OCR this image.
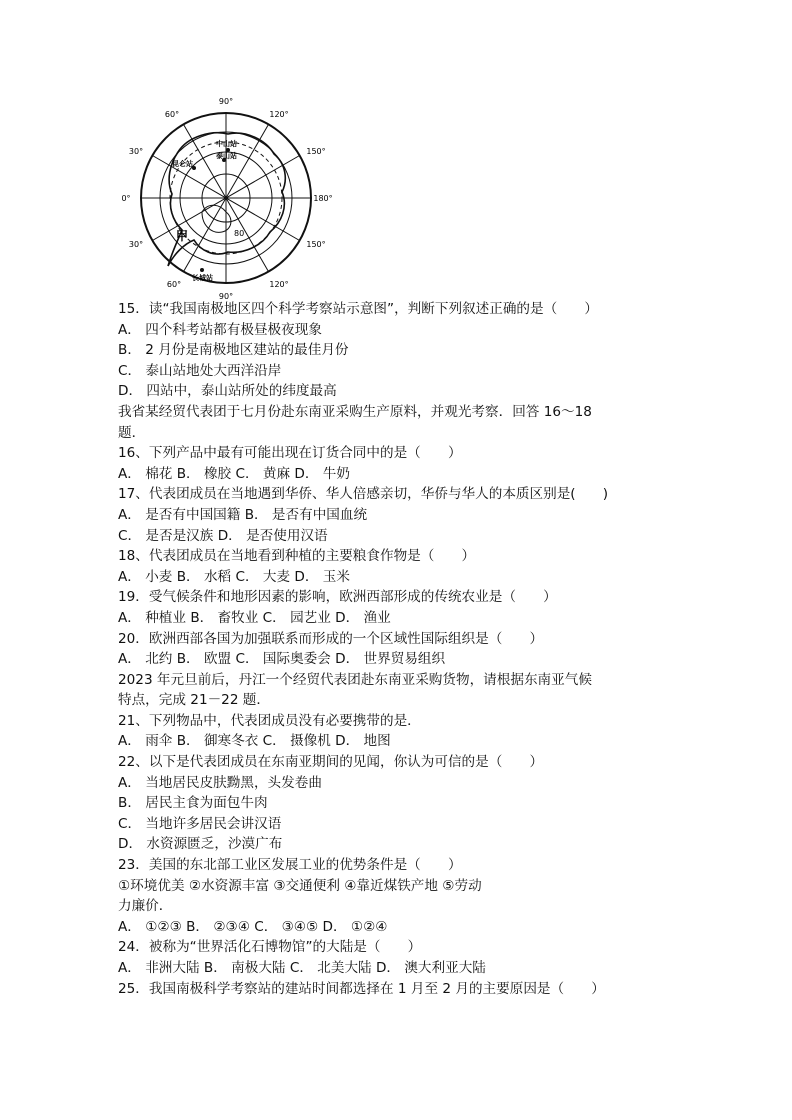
90°
60°	120°
30°	150°
0°	180°
30°	150°
60°
90°
120°
中山站
泰山站
昆仑站
长城站
甲	80
15．读“我国南极地区四个科学考察站示意图”，判断下列叙述正确的是（　　）
A． 四个科考站都有极昼极夜现象
B． 2 月份是南极地区建站的最佳月份
C． 泰山站地处大西洋沿岸
D． 四站中，泰山站所处的纬度最高
我省某经贸代表团于七月份赴东南亚采购生产原料，并观光考察．回答 16～18
题．
16、下列产品中最有可能出现在订货合同中的是（　　）
A． 棉花 B． 橡胶 C． 黄麻 D． 牛奶
17、代表团成员在当地遇到华侨、华人倍感亲切，华侨与华人的本质区别是(　　)
A． 是否有中国国籍 B． 是否有中国血统
C． 是否是汉族 D． 是否使用汉语
18、代表团成员在当地看到种植的主要粮食作物是（　　）
A． 小麦 B． 水稻 C． 大麦 D． 玉米
19．受气候条件和地形因素的影响，欧洲西部形成的传统农业是（　　）
A． 种植业 B． 畜牧业 C． 园艺业 D． 渔业
20．欧洲西部各国为加强联系而形成的一个区域性国际组织是（　　）
A． 北约 B． 欧盟 C． 国际奥委会 D． 世界贸易组织
2023 年元旦前后，丹江一个经贸代表团赴东南亚采购货物，请根据东南亚气候
特点，完成 21－22 题．
21、下列物品中，代表团成员没有必要携带的是．
A． 雨伞 B． 御寒冬衣 C． 摄像机 D． 地图
22、以下是代表团成员在东南亚期间的见闻，你认为可信的是（　　）
A． 当地居民皮肤黝黑，头发卷曲
B． 居民主食为面包牛肉
C． 当地许多居民会讲汉语
D． 水资源匮乏，沙漠广布
23．美国的东北部工业区发展工业的优势条件是（　　）
①环境优美 ②水资源丰富 ③交通便利 ④靠近煤铁产地 ⑤劳动
力廉价．
A． ①②③ B． ②③④ C． ③④⑤ D． ①②④
24．被称为“世界活化石博物馆”的大陆是（　　）
A． 非洲大陆 B． 南极大陆 C． 北美大陆 D． 澳大利亚大陆
25．我国南极科学考察站的建站时间都选择在 1 月至 2 月的主要原因是（　　）
